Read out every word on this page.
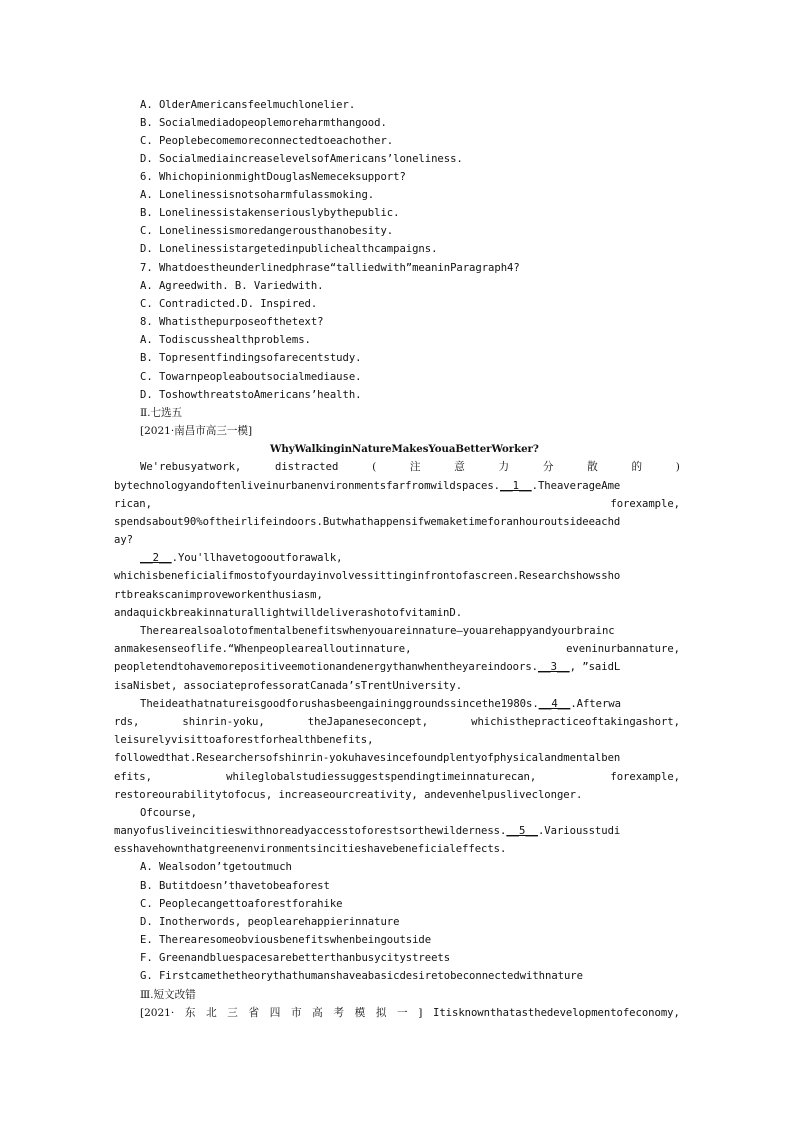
A. OlderAmericansfeelmuchlonelier.
B. Socialmediadopeoplemoreharmthangood.
C. Peoplebecomemoreconnectedtoeachother.
D. SocialmediaincreaselevelsofAmericans’loneliness.
6. WhichopinionmightDouglasNemeceksupport?
A. Lonelinessisnotsoharmfulassmoking.
B. Lonelinessistakenseriouslybythepublic.
C. Lonelinessismoredangerousthanobesity.
D. Lonelinessistargetedinpublichealthcampaigns.
7. Whatdoestheunderlinedphrase“talliedwith”meaninParagraph4?
A. Agreedwith. B. Variedwith.
C. Contradicted.D. Inspired.
8. Whatisthepurposeofthetext?
A. Todiscusshealthproblems.
B. Topresentfindingsofarecentstudy.
C. Towarnpeopleaboutsocialmediause.
D. ToshowthreatstoAmericans’health.
Ⅱ.七选五
[2021·南昌市高三一模]
WhyWalkinginNatureMakesYouaBetterWorker?
We'rebusyatwork,	distracted	(	注	意	力	分	散	的	)
bytechnologyandoftenliveinurbanenvironmentsfarfromwildspaces.__1__.TheaverageAme
rican,	forexample,
spendsabout90%oftheirlifeindoors.Butwhathappensifwemaketimeforanhouroutsideeachd
ay?
__2__.You'llhavetogooutforawalk,
whichisbeneficialifmostofyourdayinvolvessittinginfrontofascreen.Researchshowssho
rtbreakscanimproveworkenthusiasm,
andaquickbreakinnaturallightwilldeliverashotofvitaminD.
Therearealsoalotofmentalbenefitswhenyouareinnature—youarehappyandyourbrainc
anmakesenseoflife.“Whenpeoplearealloutinnature,	eveninurbannature,
peopletendtohavemorepositiveemotionandenergythanwhentheyareindoors.__3__, ”saidL
isaNisbet, associateprofessoratCanada’sTrentUniversity.
Theideathatnatureisgoodforushasbeengaininggroundssincethe1980s.__4__.Afterwa
rds,	shinrin-yoku,	theJapaneseconcept,	whichisthepracticeoftakingashort,
leisurelyvisittoaforestforhealthbenefits,
followedthat.Researchersofshinrin-yokuhavesincefoundplentyofphysicalandmentalben
efits,	whileglobalstudiessuggestspendingtimeinnaturecan,	forexample,
restoreourabilitytofocus, increaseourcreativity, andevenhelpusliveclonger.
Ofcourse,
manyofusliveincitieswithnoreadyaccesstoforestsorthewilderness.__5__.Variousstudi
esshavehownthatgreenenvironmentsincitieshavebeneficialeffects.
A. Wealsodon’tgetoutmuch
B. Butitdoesn’thavetobeaforest
C. Peoplecangettoaforestforahike
D. Inotherwords, peoplearehappierinnature
E. Therearesomeobviousbenefitswhenbeingoutside
F. Greenandbluespacesarebetterthanbusycitystreets
G. Firstcamethetheorythathumanshaveabasicdesiretobeconnectedwithnature
Ⅲ.短文改错
[2021· 东 北 三 省 四 市 高 考 模 拟 一 ] Itisknownthatasthedevelopmentofeconomy,
